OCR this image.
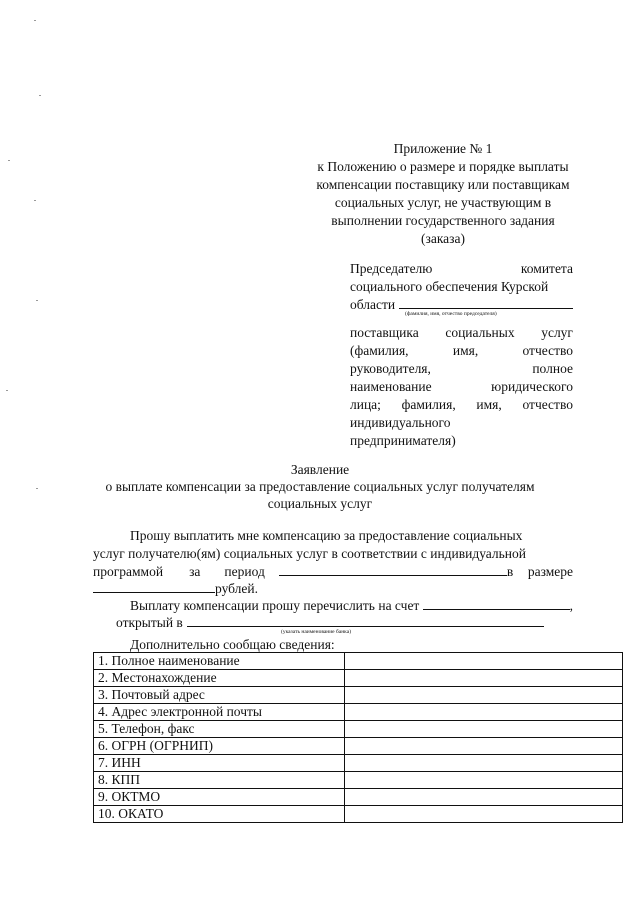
Приложение № 1
к Положению о размере и порядке выплаты
компенсации поставщику или поставщикам
социальных услуг, не участвующим в
выполнении государственного задания
(заказа)
Председателю	комитета
социального обеспечения Курской
области
(фамилия, имя, отчество председателя)
поставщика социальных услуг
(фамилия,	имя,	отчество
руководителя,	полное
наименование	юридического
лица; фамилия, имя, отчество
индивидуального
предпринимателя)
Заявление
о выплате компенсации за предоставление социальных услуг получателям
социальных услуг
Прошу выплатить мне компенсацию за предоставление социальных
услуг получателю(ям) социальных услуг в соответствии с индивидуальной
программой за период	в размере
рублей.
Выплату компенсации прошу перечислить на счет	,
открытый в
(указать наименование банка)
Дополнительно сообщаю сведения:
1. Полное наименование	
2. Местонахождение	
3. Почтовый адрес	
4. Адрес электронной почты	
5. Телефон, факс	
6. ОГРН (ОГРНИП)	
7. ИНН	
8. КПП	
9. ОКТМО	
10. ОКАТО	
